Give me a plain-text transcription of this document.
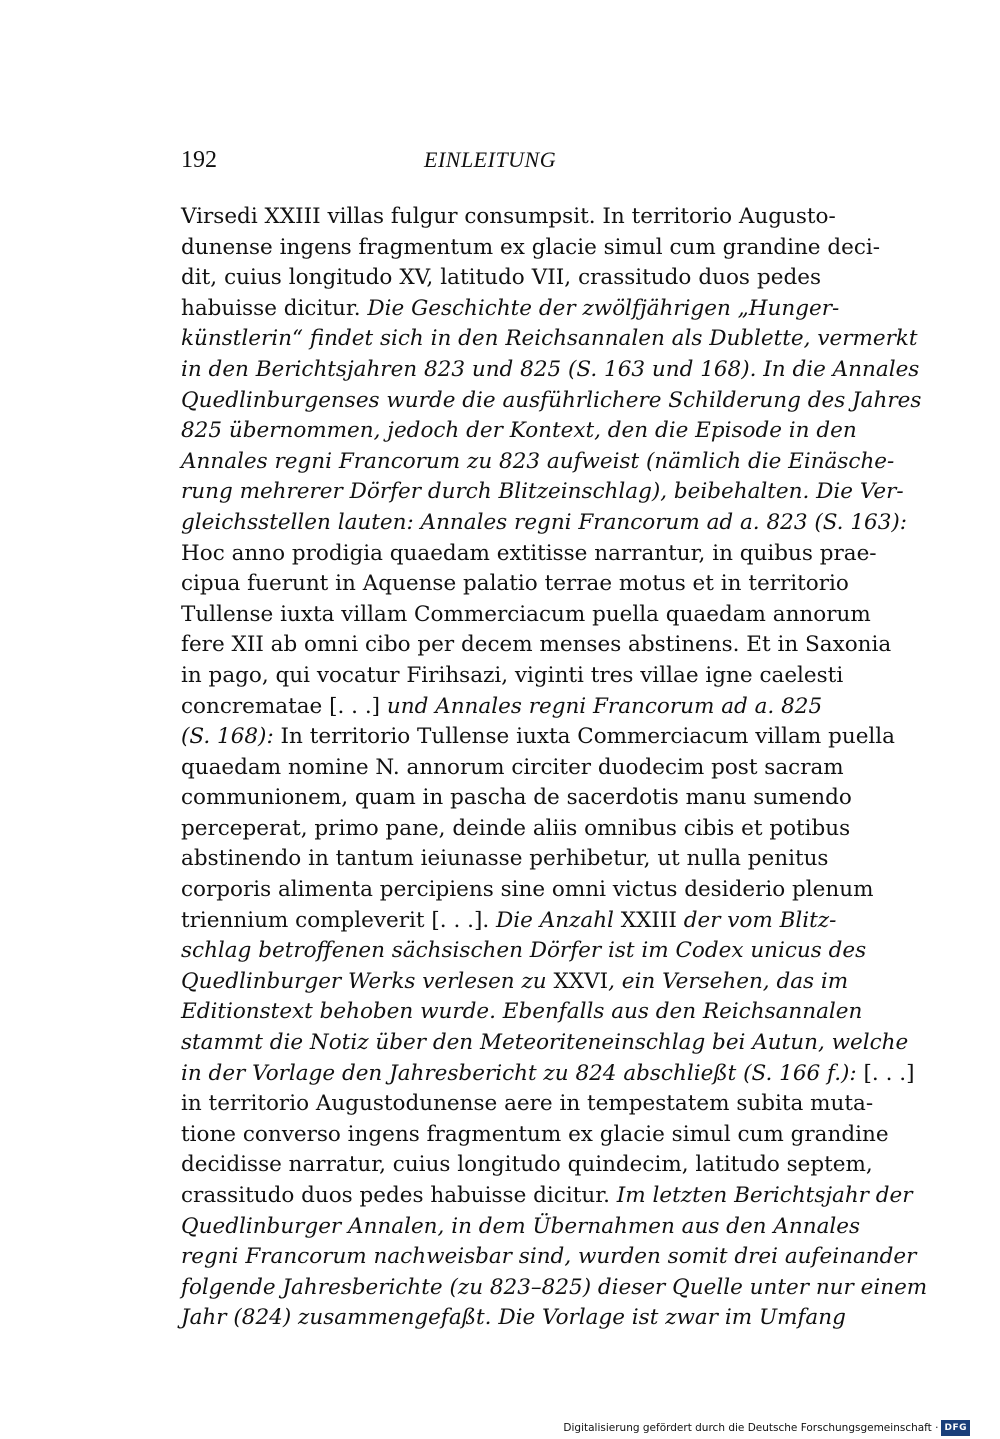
192	EINLEITUNG
Virsedi XXIII villas fulgur consumpsit. In territorio Augusto-
dunense ingens fragmentum ex glacie simul cum grandine deci-
dit, cuius longitudo XV, latitudo VII, crassitudo duos pedes
habuisse dicitur. Die Geschichte der zwölfjährigen „Hunger-
künstlerin“ findet sich in den Reichsannalen als Dublette, vermerkt
in den Berichtsjahren 823 und 825 (S. 163 und 168). In die Annales
Quedlinburgenses wurde die ausführlichere Schilderung des Jahres
825 übernommen, jedoch der Kontext, den die Episode in den
Annales regni Francorum zu 823 aufweist (nämlich die Einäsche-
rung mehrerer Dörfer durch Blitzeinschlag), beibehalten. Die Ver-
gleichsstellen lauten: Annales regni Francorum ad a. 823 (S. 163):
Hoc anno prodigia quaedam extitisse narrantur, in quibus prae-
cipua fuerunt in Aquense palatio terrae motus et in territorio
Tullense iuxta villam Commerciacum puella quaedam annorum
fere XII ab omni cibo per decem menses abstinens. Et in Saxonia
in pago, qui vocatur Firihsazi, viginti tres villae igne caelesti
concrematae [. . .] und Annales regni Francorum ad a. 825
(S. 168): In territorio Tullense iuxta Commerciacum villam puella
quaedam nomine N. annorum circiter duodecim post sacram
communionem, quam in pascha de sacerdotis manu sumendo
perceperat, primo pane, deinde aliis omnibus cibis et potibus
abstinendo in tantum ieiunasse perhibetur, ut nulla penitus
corporis alimenta percipiens sine omni victus desiderio plenum
triennium compleverit [. . .]. Die Anzahl XXIII der vom Blitz-
schlag betroffenen sächsischen Dörfer ist im Codex unicus des
Quedlinburger Werks verlesen zu XXVI, ein Versehen, das im
Editionstext behoben wurde. Ebenfalls aus den Reichsannalen
stammt die Notiz über den Meteoriteneinschlag bei Autun, welche
in der Vorlage den Jahresbericht zu 824 abschließt (S. 166 f.): [. . .]
in territorio Augustodunense aere in tempestatem subita muta-
tione converso ingens fragmentum ex glacie simul cum grandine
decidisse narratur, cuius longitudo quindecim, latitudo septem,
crassitudo duos pedes habuisse dicitur. Im letzten Berichtsjahr der
Quedlinburger Annalen, in dem Übernahmen aus den Annales
regni Francorum nachweisbar sind, wurden somit drei aufeinander
folgende Jahresberichte (zu 823–825) dieser Quelle unter nur einem
Jahr (824) zusammengefaßt. Die Vorlage ist zwar im Umfang
Digitalisierung gefördert durch die Deutsche Forschungsgemeinschaft · DFG
